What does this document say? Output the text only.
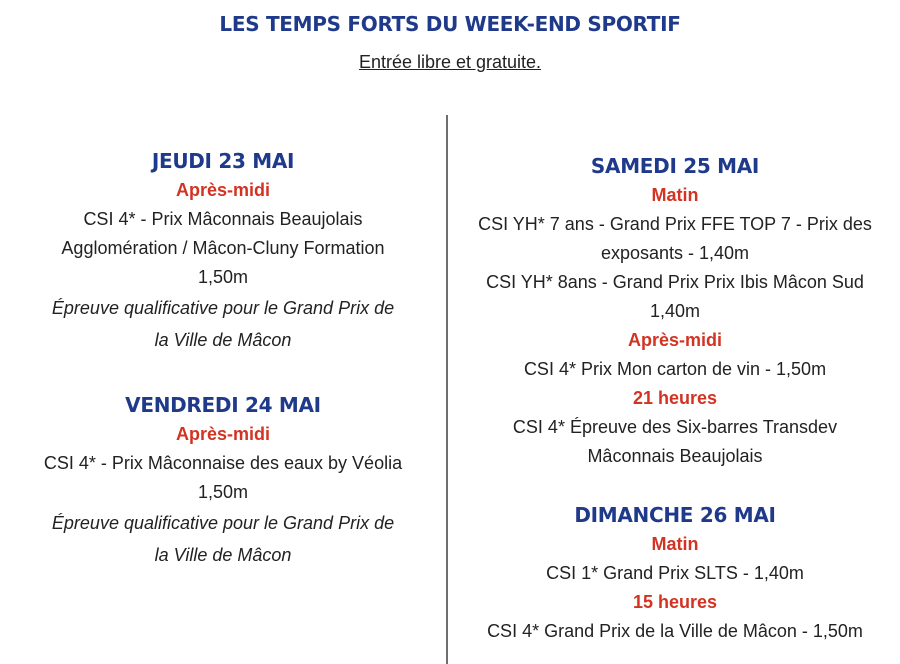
LES TEMPS FORTS DU WEEK-END SPORTIF
Entrée libre et gratuite.
JEUDI 23 MAI
Après-midi
CSI 4* - Prix Mâconnais Beaujolais
Agglomération / Mâcon-Cluny Formation
1,50m
Épreuve qualificative pour le Grand Prix de
la Ville de Mâcon
VENDREDI 24 MAI
Après-midi
CSI 4* - Prix Mâconnaise des eaux by Véolia
1,50m
Épreuve qualificative pour le Grand Prix de
la Ville de Mâcon
SAMEDI 25 MAI
Matin
CSI YH* 7 ans - Grand Prix FFE TOP 7 - Prix des
exposants - 1,40m
CSI YH* 8ans - Grand Prix Prix Ibis Mâcon Sud
1,40m
Après-midi
CSI 4* Prix Mon carton de vin - 1,50m
21 heures
CSI 4* Épreuve des Six-barres Transdev
Mâconnais Beaujolais
DIMANCHE 26 MAI
Matin
CSI 1* Grand Prix SLTS - 1,40m
15 heures
CSI 4* Grand Prix de la Ville de Mâcon - 1,50m
